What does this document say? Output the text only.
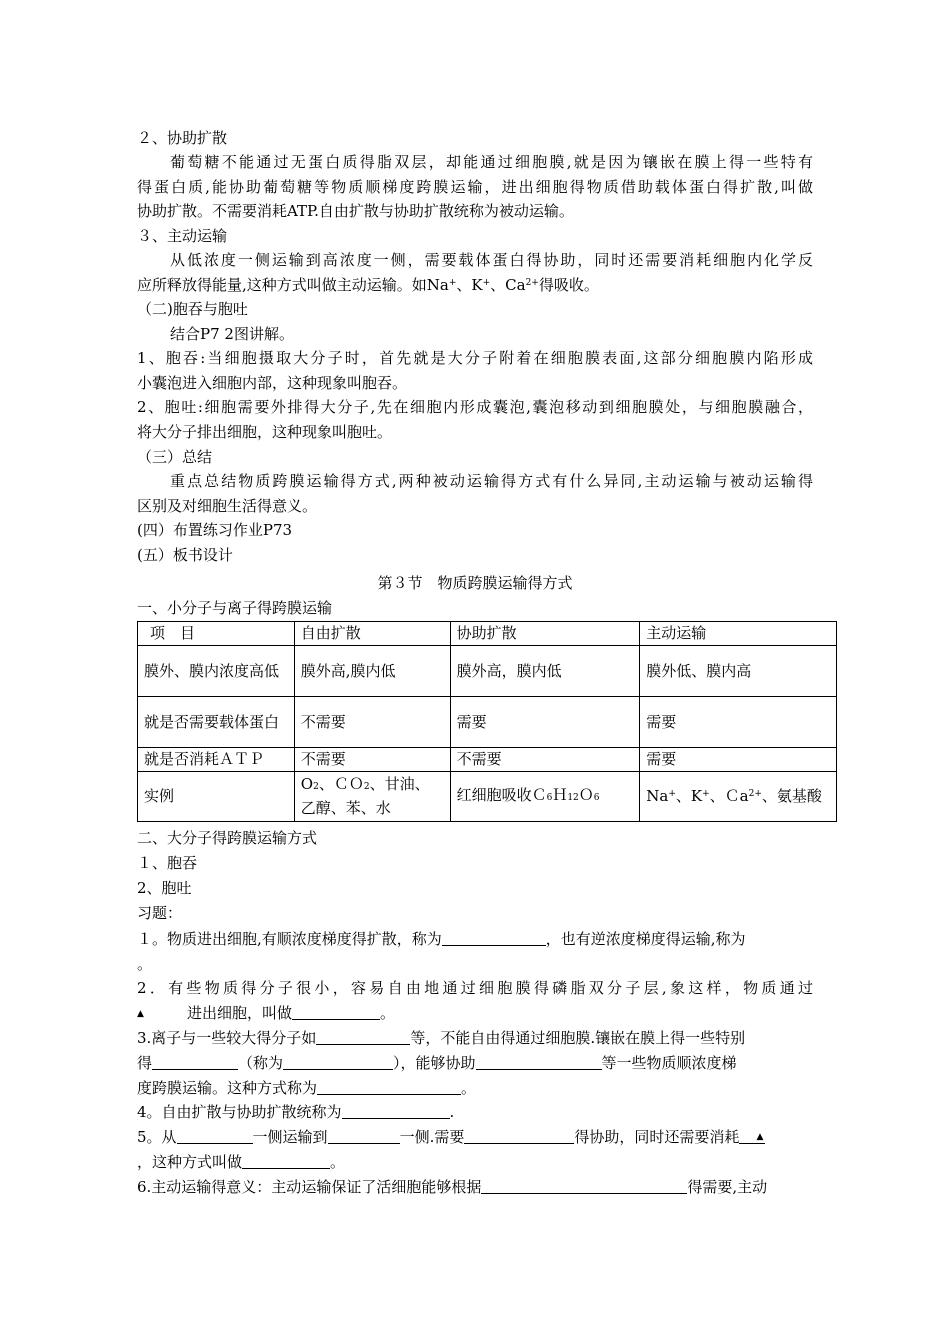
２、协助扩散
葡萄糖不能通过无蛋白质得脂双层，却能通过细胞膜,就是因为镶嵌在膜上得一些特有
得蛋白质,能协助葡萄糖等物质顺梯度跨膜运输，进出细胞得物质借助载体蛋白得扩散,叫做
协助扩散。不需要消耗ATP.自由扩散与协助扩散统称为被动运输。
３、主动运输
从低浓度一侧运输到高浓度一侧，需要载体蛋白得协助，同时还需要消耗细胞内化学反
应所释放得能量,这种方式叫做主动运输。如Na+、K+、$Ca^{2+}$得吸收。
（二)胞吞与胞吐
结合P7 2图讲解。
1、胞吞:当细胞摄取大分子时，首先就是大分子附着在细胞膜表面,这部分细胞膜内陷形成
小囊泡进入细胞内部，这种现象叫胞吞。
2、胞吐:细胞需要外排得大分子,先在细胞内形成囊泡,囊泡移动到细胞膜处，与细胞膜融合，
将大分子排出细胞，这种现象叫胞吐。
（三）总结
重点总结物质跨膜运输得方式,两种被动运输得方式有什么异同,主动运输与被动运输得
区别及对细胞生活得意义。
(四）布置练习作业P73
(五）板书设计
第３节　物质跨膜运输得方式
一、小分子与离子得跨膜运输
项　目	自由扩散	协助扩散	主动运输
膜外、膜内浓度高低	膜外高,膜内低	膜外高，膜内低	膜外低、膜内高
就是否需要载体蛋白	不需要	需要	需要
就是否消耗ＡＴＰ	不需要	不需要	需要
实例	O2、ＣＯ2、甘油、乙醇、苯、水	红细胞吸收Ｃ6Ｈ12Ｏ6	Na+、K+、Ｃa$^{2+}$、氨基酸
二、大分子得跨膜运输方式
１、胞吞
2、胞吐
习题：
１。物质进出细胞,有顺浓度梯度得扩散，称为	，也有逆浓度梯度得运输,称为
。
2．有些物质得分子很小，容易自由地通过细胞膜得磷脂双分子层,象这样，物质通过
▲	进出细胞，叫做	。
3.离子与一些较大得分子如	等，不能自由得通过细胞膜.镶嵌在膜上得一些特别
得	（称为	），能够协助	等一些物质顺浓度梯
度跨膜运输。这种方式称为	。
4。自由扩散与协助扩散统称为	.
5。从	一侧运输到	一侧.需要	得协助，同时还需要消耗 ▲
，这种方式叫做	。
6.主动运输得意义：主动运输保证了活细胞能够根据	得需要,主动
